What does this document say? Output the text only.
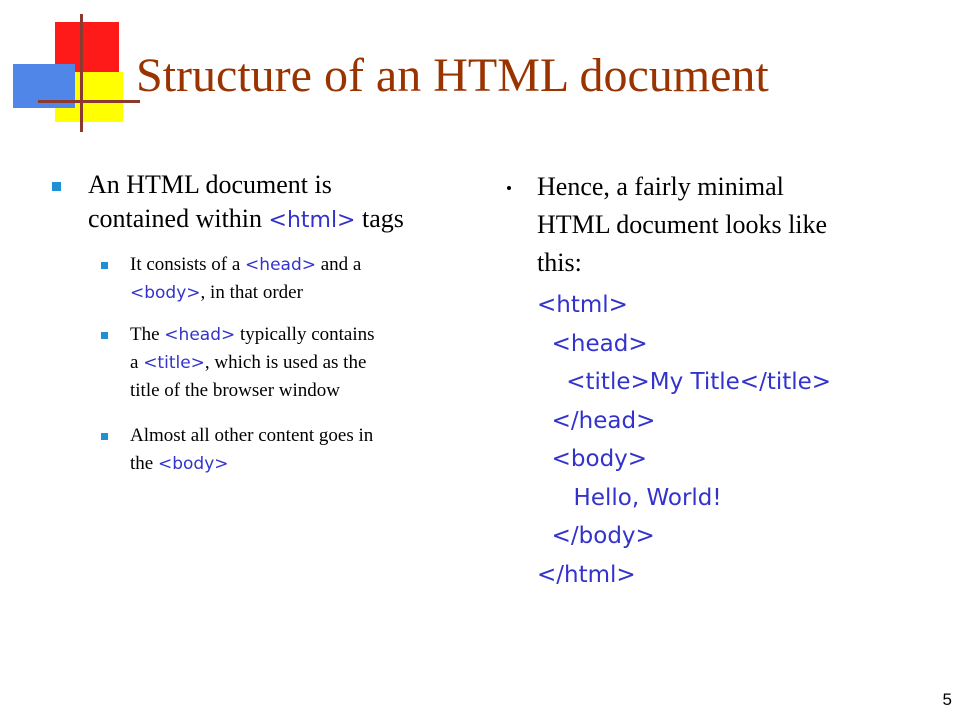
Structure of an HTML document
An HTML document is
contained within <html> tags
It consists of a <head> and a
<body>, in that order
The <head> typically contains
a <title>, which is used as the
title of the browser window
Almost all other content goes in
the <body>
Hence, a fairly minimal
HTML document looks like
this:
<html>
<head>
<title>My Title</title>
</head>
<body>
Hello, World!
</body>
</html>
5
